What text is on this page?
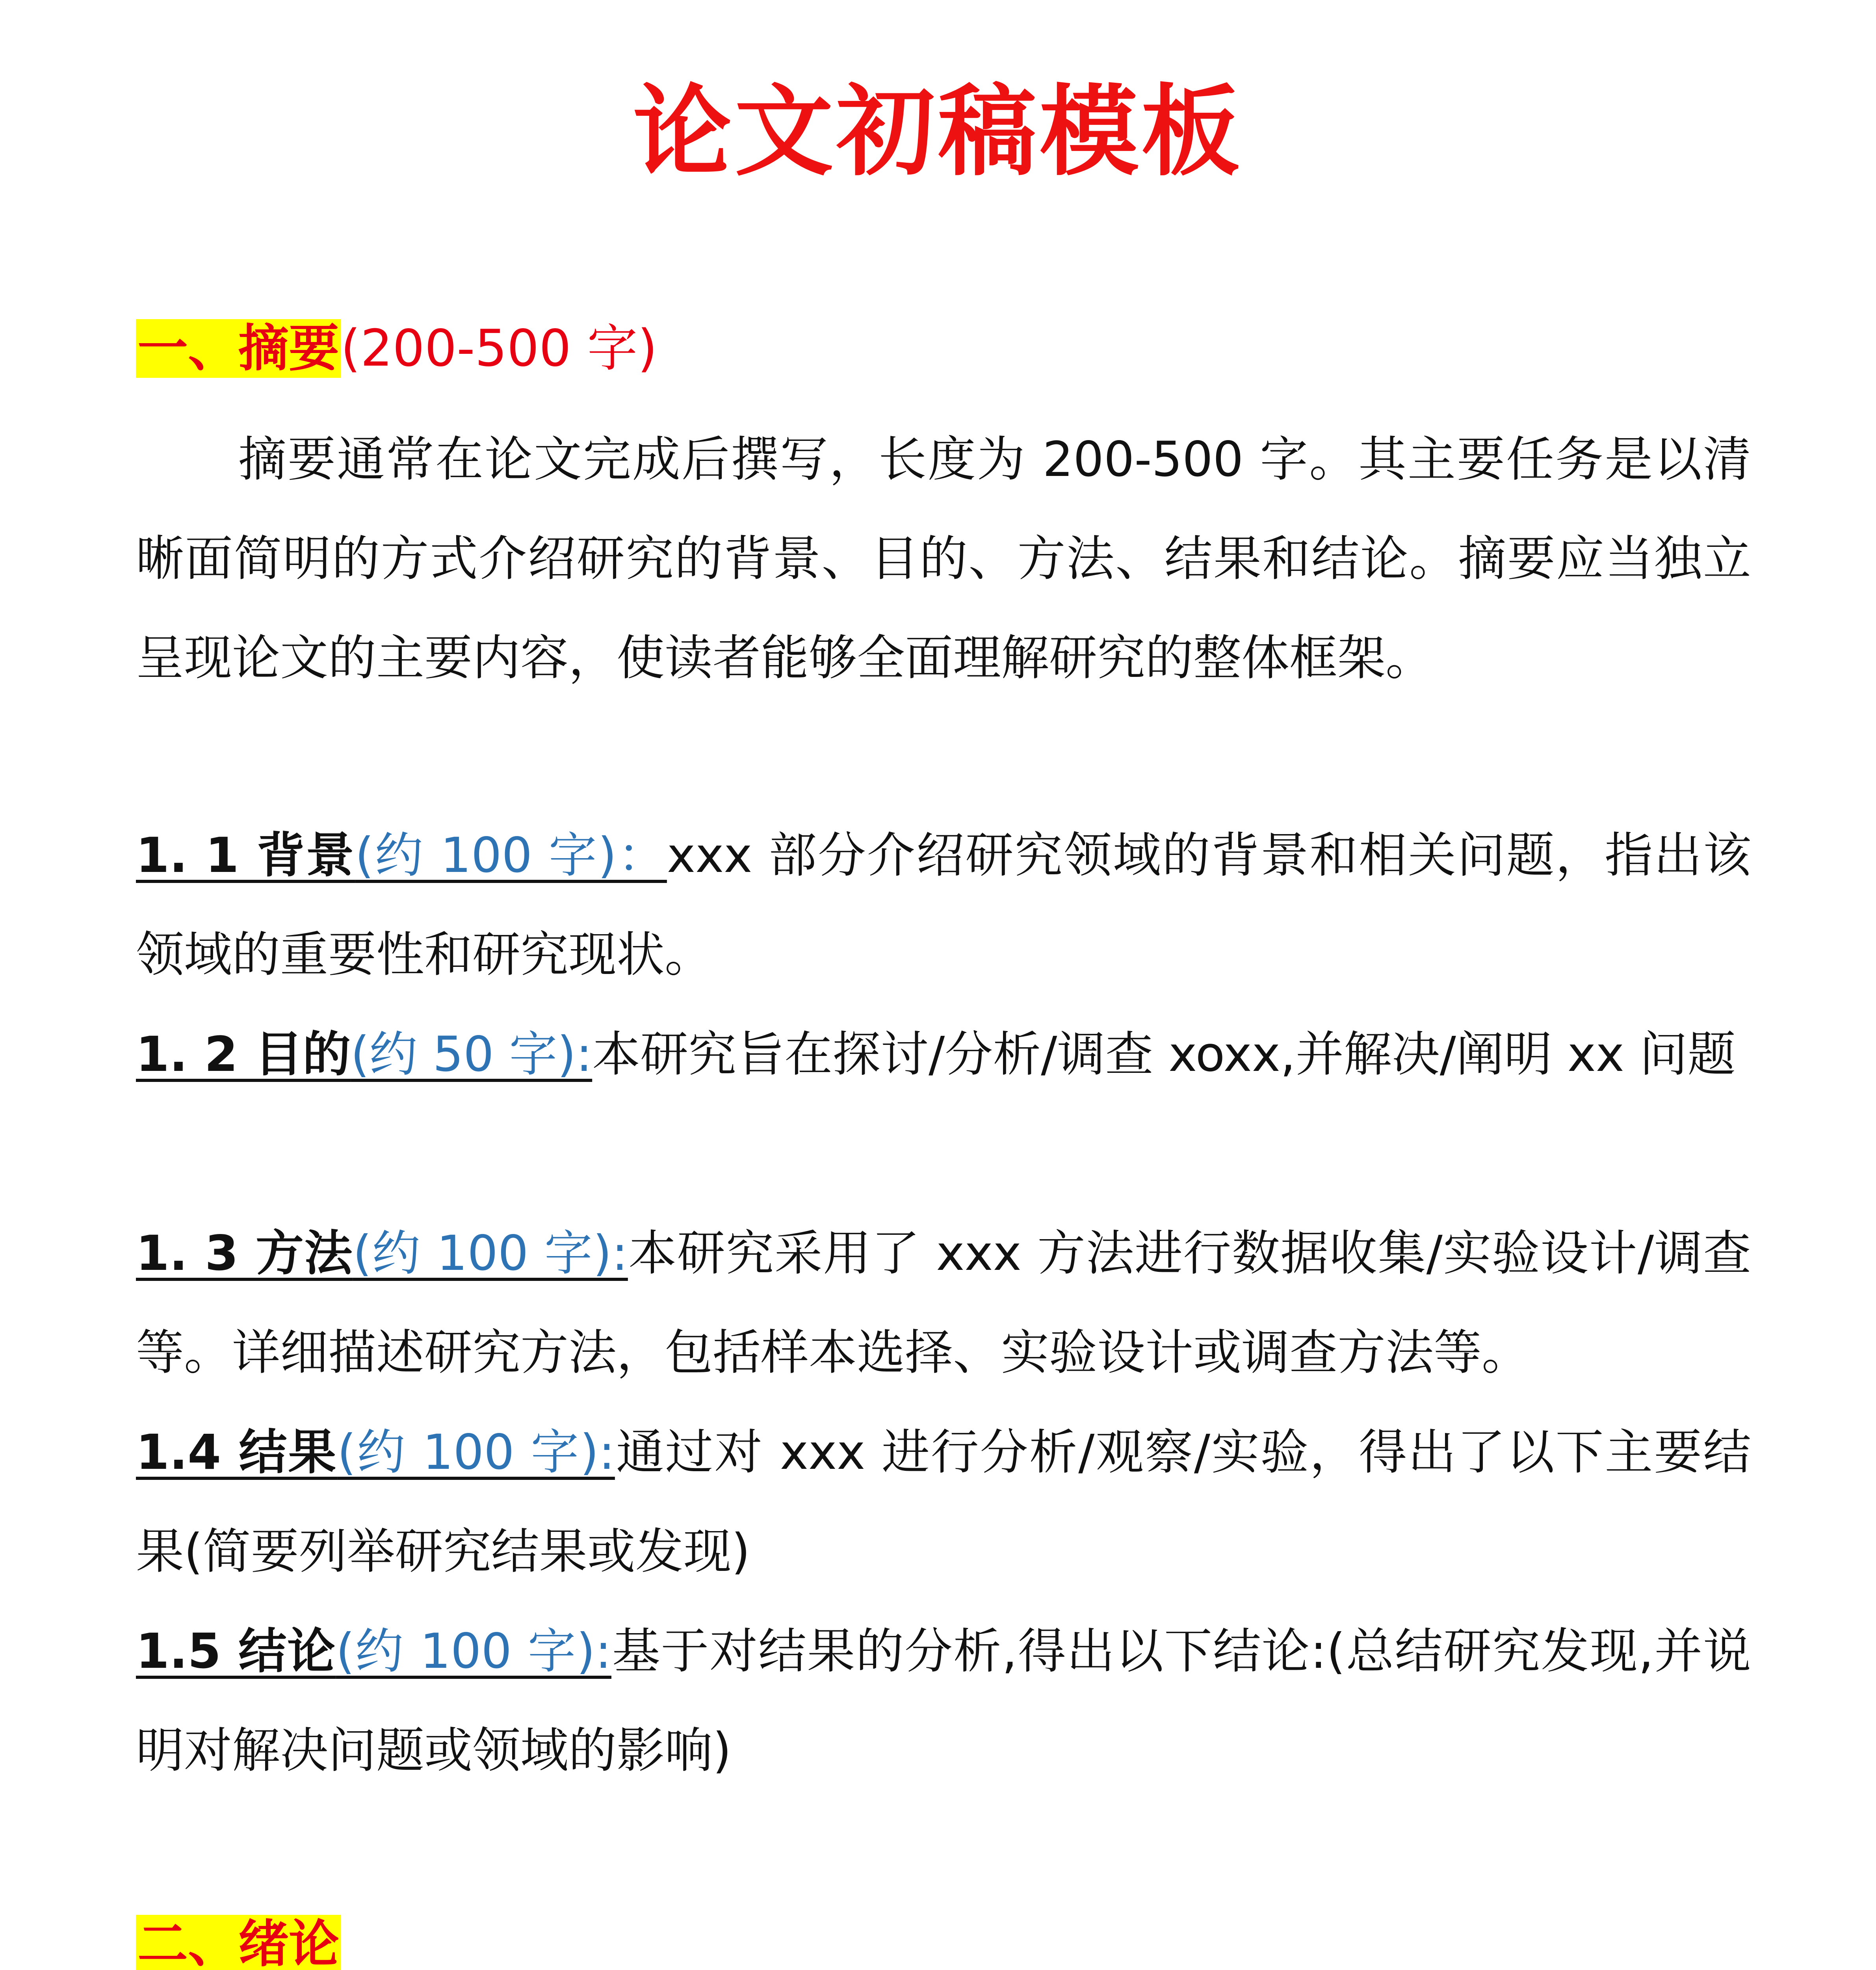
论文初稿模板
一、摘要(200-500 字)
摘要通常在论文完成后撰写，长度为 200-500 字。其主要任务是以清晰面简明的方式介绍研究的背景、目的、方法、结果和结论。摘要应当独立呈现论文的主要内容，使读者能够全面理解研究的整体框架。
1. 1 背景(约 100 字)：xxx 部分介绍研究领域的背景和相关问题，指出该领域的重要性和研究现状。
1. 2 目的(约 50 字):本研究旨在探讨/分析/调查 xoxx,并解决/阐明 xx 问题
1. 3 方法(约 100 字):本研究采用了 xxx 方法进行数据收集/实验设计/调查等。详细描述研究方法，包括样本选择、实验设计或调查方法等。
1.4 结果(约 100 字):通过对 xxx 进行分析/观察/实验，得出了以下主要结果(简要列举研究结果或发现)
1.5 结论(约 100 字):基于对结果的分析,得出以下结论:(总结研究发现,并说明对解决问题或领域的影响)
二、绪论
